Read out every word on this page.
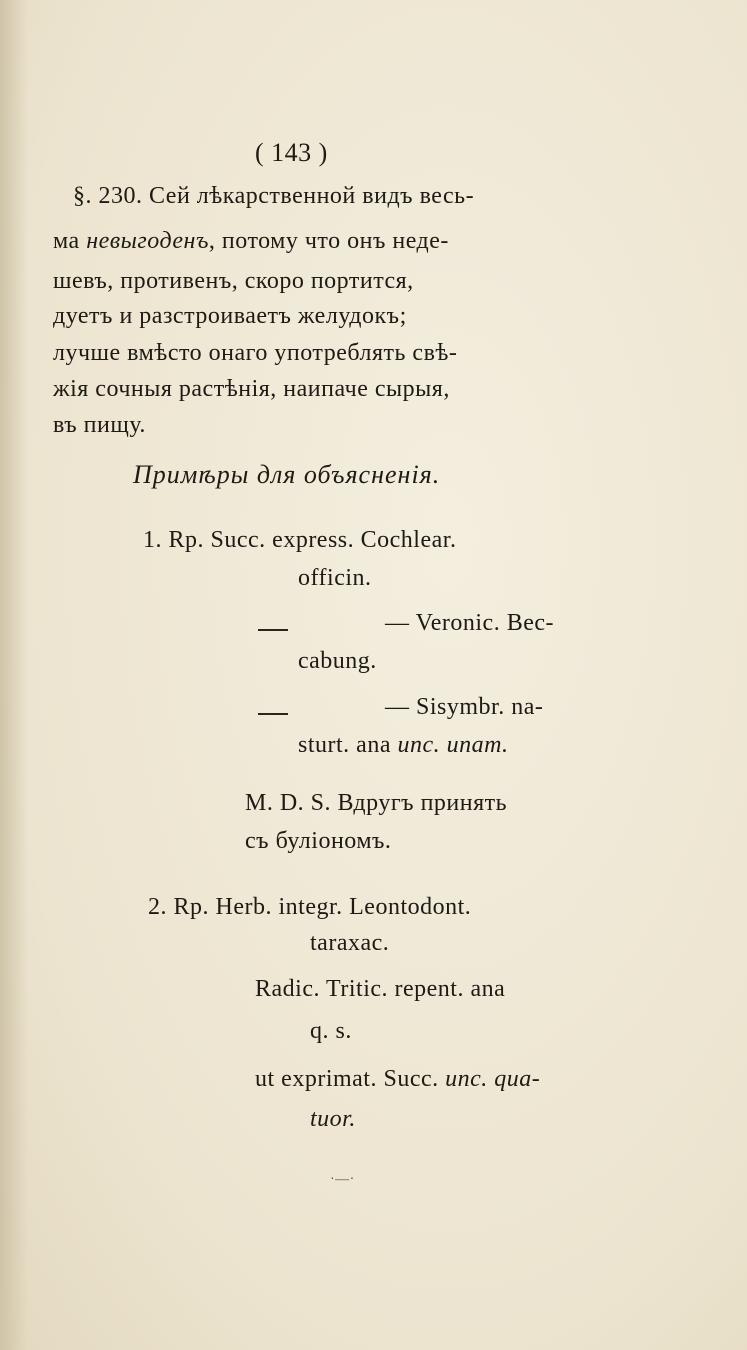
( 143 )
§. 230. Сей лѣкарственной видъ весь-
ма невыгоденъ, потому что онъ неде-
шевъ, противенъ, скоро портится,
дуетъ и разстроиваетъ желудокъ;
лучше вмѣсто онаго употреблять свѣ-
жія сочныя растѣнія, наипаче сырыя,
въ пищу.
Примѣры для объясненія.
1. Rp. Succ. express. Cochlear.
officin.
— Veronic. Bec-
cabung.
— Sisymbr. na-
sturt. ana unc. unam.
M. D. S. Вдругъ принять
съ буліономъ.
2. Rp. Herb. integr. Leontodont.
taraxac.
Radic. Tritic. repent. ana
q. s.
ut exprimat. Succ. unc. qua-
tuor.
·—·
